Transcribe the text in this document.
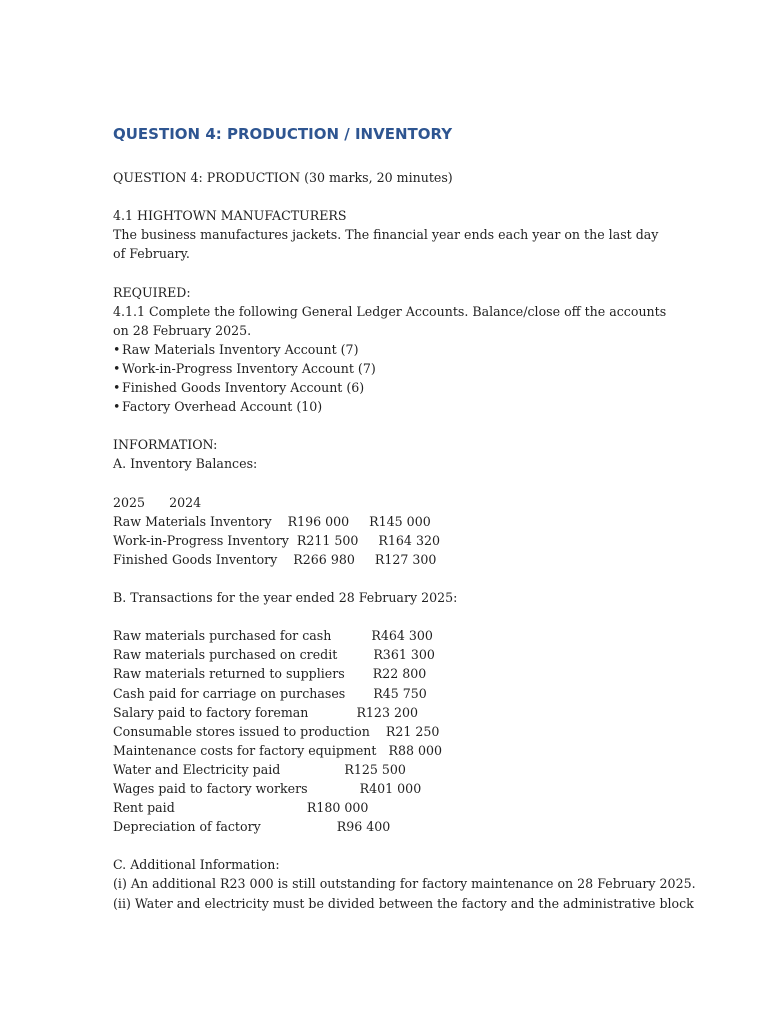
QUESTION 4: PRODUCTION / INVENTORY
QUESTION 4: PRODUCTION (30 marks, 20 minutes)
4.1 HIGHTOWN MANUFACTURERS
The business manufactures jackets. The financial year ends each year on the last day of February.
REQUIRED:
4.1.1 Complete the following General Ledger Accounts. Balance/close off the accounts on 28 February 2025.
• Raw Materials Inventory Account (7)
• Work-in-Progress Inventory Account (7)
• Finished Goods Inventory Account (6)
• Factory Overhead Account (10)
INFORMATION:
A. Inventory Balances:
2025      2024
Raw Materials Inventory    R196 000     R145 000
Work-in-Progress Inventory  R211 500     R164 320
Finished Goods Inventory    R266 980     R127 300
B. Transactions for the year ended 28 February 2025:
Raw materials purchased for cash          R464 300
Raw materials purchased on credit         R361 300
Raw materials returned to suppliers       R22 800
Cash paid for carriage on purchases       R45 750
Salary paid to factory foreman            R123 200
Consumable stores issued to production    R21 250
Maintenance costs for factory equipment   R88 000
Water and Electricity paid                R125 500
Wages paid to factory workers             R401 000
Rent paid                                 R180 000
Depreciation of factory                   R96 400
C. Additional Information:
(i) An additional R23 000 is still outstanding for factory maintenance on 28 February 2025.
(ii) Water and electricity must be divided between the factory and the administrative block
